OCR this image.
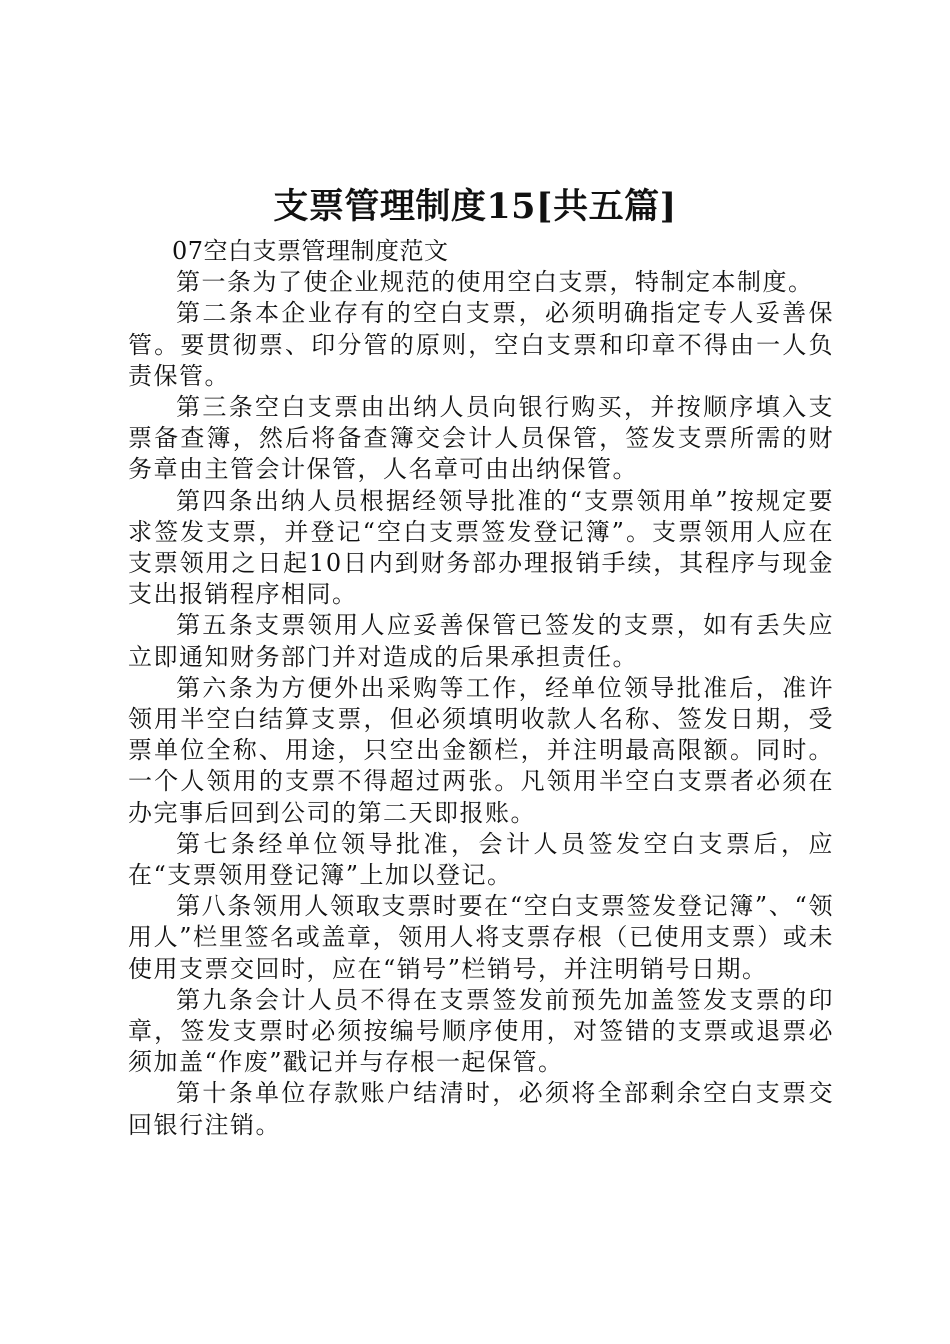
支票管理制度15[共五篇]

07空白支票管理制度范文

第一条为了使企业规范的使用空白支票，特制定本制度。

第二条本企业存有的空白支票，必须明确指定专人妥善保管。要贯彻票、印分管的原则，空白支票和印章不得由一人负责保管。

第三条空白支票由出纳人员向银行购买，并按顺序填入支票备查簿，然后将备查簿交会计人员保管，签发支票所需的财务章由主管会计保管，人名章可由出纳保管。

第四条出纳人员根据经领导批准的“支票领用单”按规定要求签发支票，并登记“空白支票签发登记簿”。支票领用人应在支票领用之日起10日内到财务部办理报销手续，其程序与现金支出报销程序相同。

第五条支票领用人应妥善保管已签发的支票，如有丢失应立即通知财务部门并对造成的后果承担责任。

第六条为方便外出采购等工作，经单位领导批准后，准许领用半空白结算支票，但必须填明收款人名称、签发日期，受票单位全称、用途，只空出金额栏，并注明最高限额。同时。一个人领用的支票不得超过两张。凡领用半空白支票者必须在办完事后回到公司的第二天即报账。

第七条经单位领导批准，会计人员签发空白支票后，应在“支票领用登记簿”上加以登记。

第八条领用人领取支票时要在“空白支票签发登记簿”、“领用人”栏里签名或盖章，领用人将支票存根（已使用支票）或未使用支票交回时，应在“销号”栏销号，并注明销号日期。

第九条会计人员不得在支票签发前预先加盖签发支票的印章，签发支票时必须按编号顺序使用，对签错的支票或退票必须加盖“作废”戳记并与存根一起保管。

第十条单位存款账户结清时，必须将全部剩余空白支票交回银行注销。
